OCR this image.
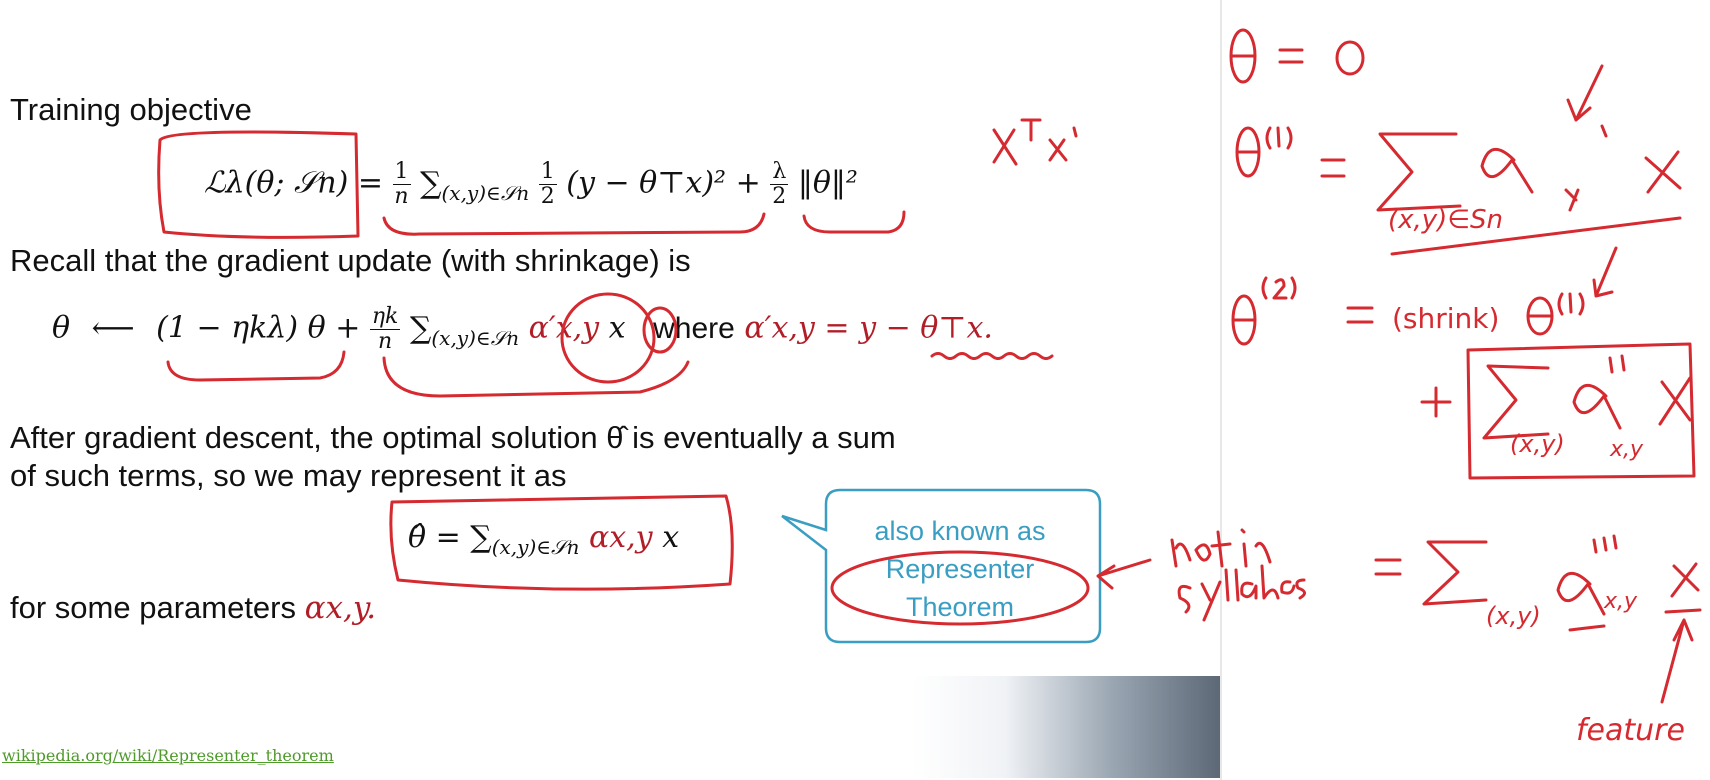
Training objective
ℒλ(θ; 𝒮n) = $\frac{1}{n} \sum_{(x,y)\in 𝒮n} \frac{1}{2} (y$ − θ⊤x)² + $\frac{\lambda}{2}$ ‖θ‖²
Recall that the gradient update (with shrinkage) is
θ ⟵ (1 − ηkλ) $\theta + \frac{\eta k}{n} \sum_{(x,y)\in 𝒮n}$ α′x,y x where α′x,y = y − θ⊤x.
After gradient descent, the optimal solution θ̂ is eventually a sum
of such terms, so we may represent it as
θ̂ = $\sum_{(x,y)\in 𝒮n}$ αx,y x
for some parameters αx,y.
also known as
Representer
Theorem
wikipedia.org/wiki/Representer_theorem
(x,y)∈Sn
(shrink)
(x,y) x,y
(x,y)
x,y
feature
